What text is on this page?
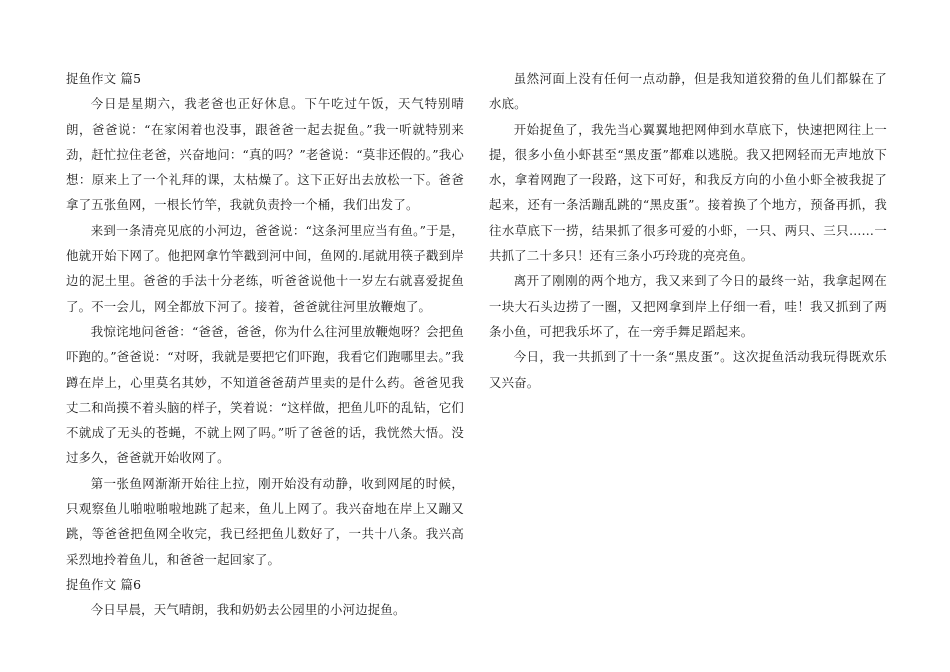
捉鱼作文 篇5

今日是星期六，我老爸也正好休息。下午吃过午饭，天气特别晴朗，爸爸说：“在家闲着也没事，跟爸爸一起去捉鱼。”我一听就特别来劲，赶忙拉住老爸，兴奋地问：“真的吗？”老爸说：“莫非还假的。”我心想：原来上了一个礼拜的课，太枯燥了。这下正好出去放松一下。爸爸拿了五张鱼网，一根长竹竿，我就负责拎一个桶，我们出发了。

来到一条清亮见底的小河边，爸爸说：“这条河里应当有鱼。”于是，他就开始下网了。他把网拿竹竿戳到河中间，鱼网的.尾就用筷子戳到岸边的泥土里。爸爸的手法十分老练，听爸爸说他十一岁左右就喜爱捉鱼了。不一会儿，网全都放下河了。接着，爸爸就往河里放鞭炮了。

我惊诧地问爸爸：“爸爸，爸爸，你为什么往河里放鞭炮呀？会把鱼吓跑的。”爸爸说：“对呀，我就是要把它们吓跑，我看它们跑哪里去。”我蹲在岸上，心里莫名其妙，不知道爸爸葫芦里卖的是什么药。爸爸见我丈二和尚摸不着头脑的样子，笑着说：“这样做，把鱼儿吓的乱钻，它们不就成了无头的苍蝇，不就上网了吗。”听了爸爸的话，我恍然大悟。没过多久，爸爸就开始收网了。

第一张鱼网渐渐开始往上拉，刚开始没有动静，收到网尾的时候，只观察鱼儿啪啦啪啦地跳了起来，鱼儿上网了。我兴奋地在岸上又蹦又跳，等爸爸把鱼网全收完，我已经把鱼儿数好了，一共十八条。我兴高采烈地拎着鱼儿，和爸爸一起回家了。

捉鱼作文 篇6

今日早晨，天气晴朗，我和奶奶去公园里的小河边捉鱼。

虽然河面上没有任何一点动静，但是我知道狡猾的鱼儿们都躲在了水底。

开始捉鱼了，我先当心翼翼地把网伸到水草底下，快速把网往上一提，很多小鱼小虾甚至“黑皮蛋”都难以逃脱。我又把网轻而无声地放下水，拿着网跑了一段路，这下可好，和我反方向的小鱼小虾全被我捉了起来，还有一条活蹦乱跳的“黑皮蛋”。接着换了个地方，预备再抓，我往水草底下一捞，结果抓了很多可爱的小虾，一只、两只、三只……一共抓了二十多只！还有三条小巧玲珑的亮亮鱼。

离开了刚刚的两个地方，我又来到了今日的最终一站，我拿起网在一块大石头边捞了一圈，又把网拿到岸上仔细一看，哇！我又抓到了两条小鱼，可把我乐坏了，在一旁手舞足蹈起来。

今日，我一共抓到了十一条“黑皮蛋”。这次捉鱼活动我玩得既欢乐又兴奋。
